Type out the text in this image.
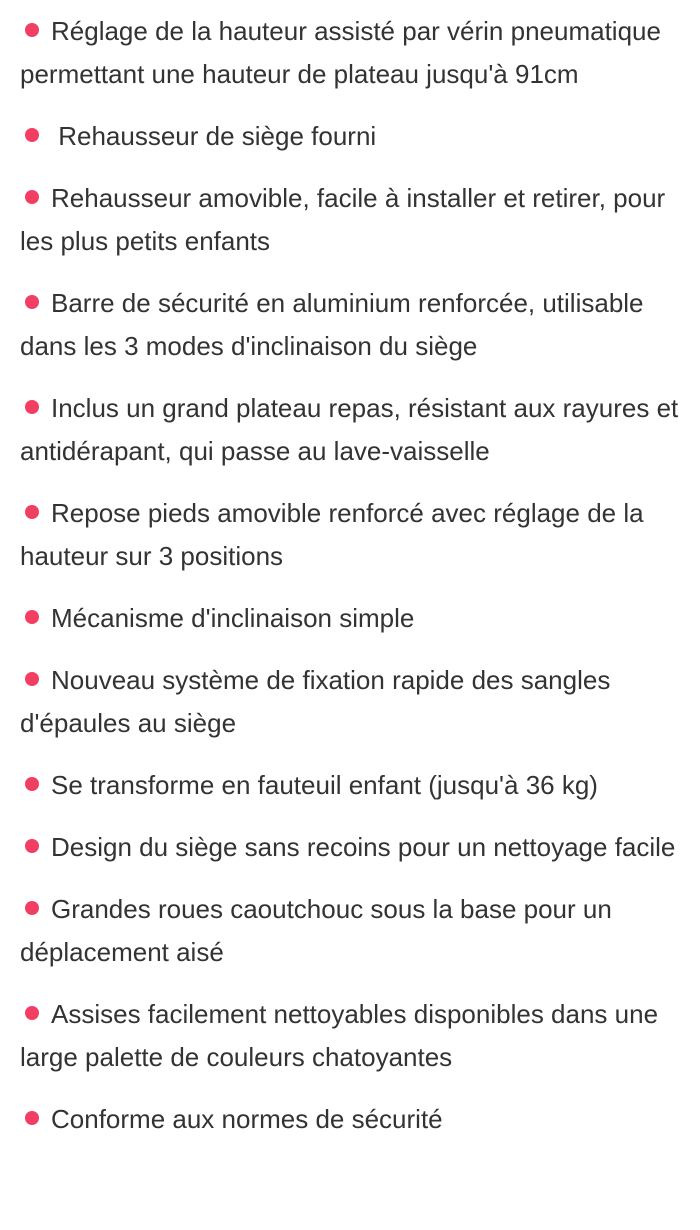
Réglage de la hauteur assisté par vérin pneumatique permettant une hauteur de plateau jusqu'à 91cm
Rehausseur de siège fourni
Rehausseur amovible, facile à installer et retirer, pour les plus petits enfants
Barre de sécurité en aluminium renforcée, utilisable dans les 3 modes d'inclinaison du siège
Inclus un grand plateau repas, résistant aux rayures et antidérapant, qui passe au lave-vaisselle
Repose pieds amovible renforcé avec réglage de la hauteur sur 3 positions
Mécanisme d'inclinaison simple
Nouveau système de fixation rapide des sangles d'épaules au siège
Se transforme en fauteuil enfant (jusqu'à 36 kg)
Design du siège sans recoins pour un nettoyage facile
Grandes roues caoutchouc sous la base pour un déplacement aisé
Assises facilement nettoyables disponibles dans une large palette de couleurs chatoyantes
Conforme aux normes de sécurité
